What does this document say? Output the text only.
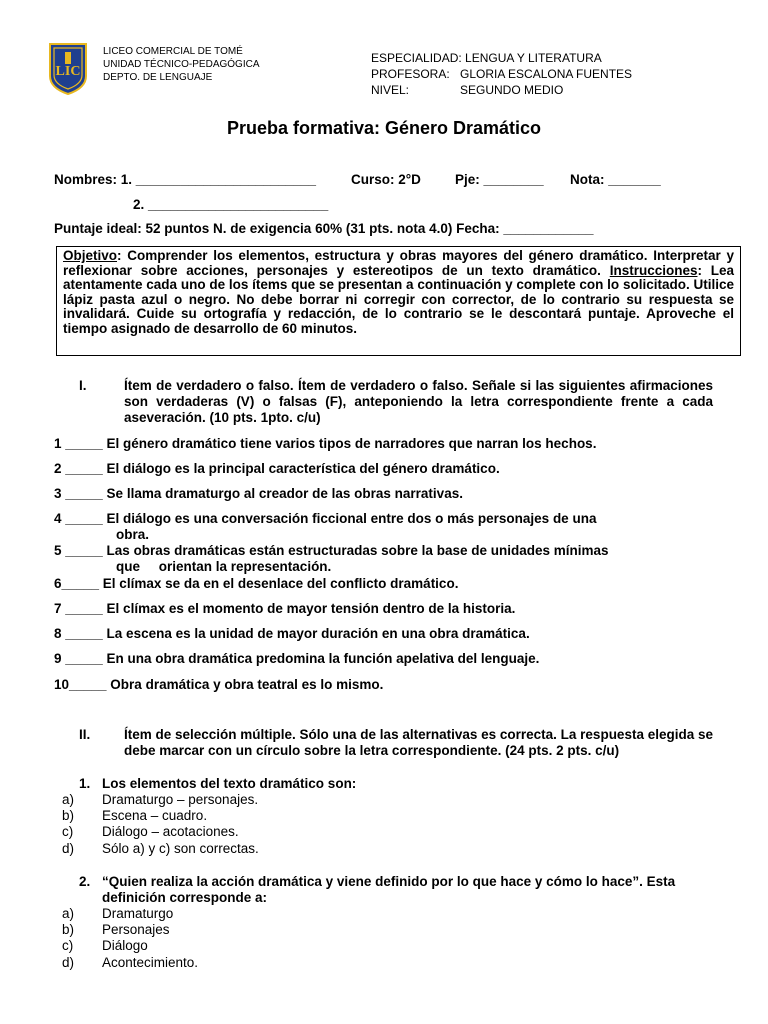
LIC
LICEO COMERCIAL DE TOMÉ
UNIDAD TÉCNICO-PEDAGÓGICA
DEPTO. DE LENGUAJE
ESPECIALIDAD: LENGUA Y LITERATURA
PROFESORA: GLORIA ESCALONA FUENTES
NIVEL:	SEGUNDO MEDIO
Prueba formativa: Género Dramático
Nombres: 1. ________________________	Curso: 2°D	Pje: ________ Nota: _______
2. ________________________
Puntaje ideal: 52 puntos N. de exigencia 60% (31 pts. nota 4.0) Fecha: ____________
Objetivo: Comprender los elementos, estructura y obras mayores del género dramático. Interpretar y reflexionar sobre acciones, personajes y estereotipos de un texto dramático. Instrucciones: Lea atentamente cada uno de los ítems que se presentan a continuación y complete con lo solicitado. Utilice lápiz pasta azul o negro. No debe borrar ni corregir con corrector, de lo contrario su respuesta se invalidará. Cuide su ortografía y redacción, de lo contrario se le descontará puntaje. Aproveche el tiempo asignado de desarrollo de 60 minutos.
I.	Ítem de verdadero o falso. Ítem de verdadero o falso. Señale si las siguientes afirmaciones son verdaderas (V) o falsas (F), anteponiendo la letra correspondiente frente a cada aseveración. (10 pts. 1pto. c/u)
1 _____ El género dramático tiene varios tipos de narradores que narran los hechos.
2 _____ El diálogo es la principal característica del género dramático.
3 _____ Se llama dramaturgo al creador de las obras narrativas.
4 _____ El diálogo es una conversación ficcional entre dos o más personajes de una
obra.
5 _____ Las obras dramáticas están estructuradas sobre la base de unidades mínimas
que     orientan la representación.
6_____ El clímax se da en el desenlace del conflicto dramático.
7 _____ El clímax es el momento de mayor tensión dentro de la historia.
8 _____ La escena es la unidad de mayor duración en una obra dramática.
9 _____ En una obra dramática predomina la función apelativa del lenguaje.
10_____ Obra dramática y obra teatral es lo mismo.
II. Ítem de selección múltiple. Sólo una de las alternativas es correcta. La respuesta elegida se debe marcar con un círculo sobre la letra correspondiente. (24 pts. 2 pts. c/u)
1. Los elementos del texto dramático son:
a) Dramaturgo – personajes.
b) Escena – cuadro.
c) Diálogo – acotaciones.
d) Sólo a) y c) son correctas.
2. “Quien realiza la acción dramática y viene definido por lo que hace y cómo lo hace”. Esta definición corresponde a:
a) Dramaturgo
b) Personajes
c) Diálogo
d) Acontecimiento.
